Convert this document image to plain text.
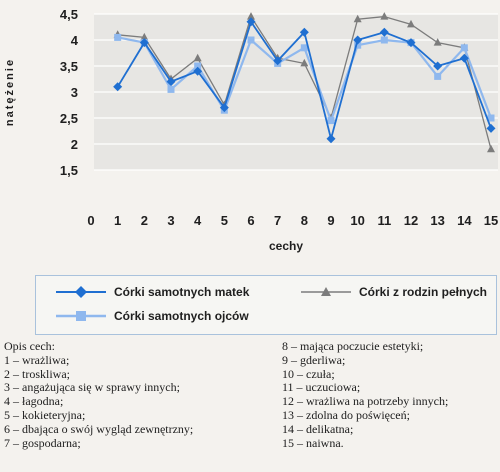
1,5
2
2,5
3
3,5
4
4,5
0 1 2 3 4 5 6 7 8 9 10 11 12 13 14 15
natężenie
cechy
Córki samotnych matek	Córki z rodzin pełnych
Córki samotnych ojców
Opis cech:
1 – wrażliwa;
2 – troskliwa;
3 – angażująca się w sprawy innych;
4 – łagodna;
5 – kokieteryjna;
6 – dbająca o swój wygląd zewnętrzny;
7 – gospodarna;
8 – mająca poczucie estetyki;
9 – gderliwa;
10 – czuła;
11 – uczuciowa;
12 – wrażliwa na potrzeby innych;
13 – zdolna do poświęceń;
14 – delikatna;
15 – naiwna.
